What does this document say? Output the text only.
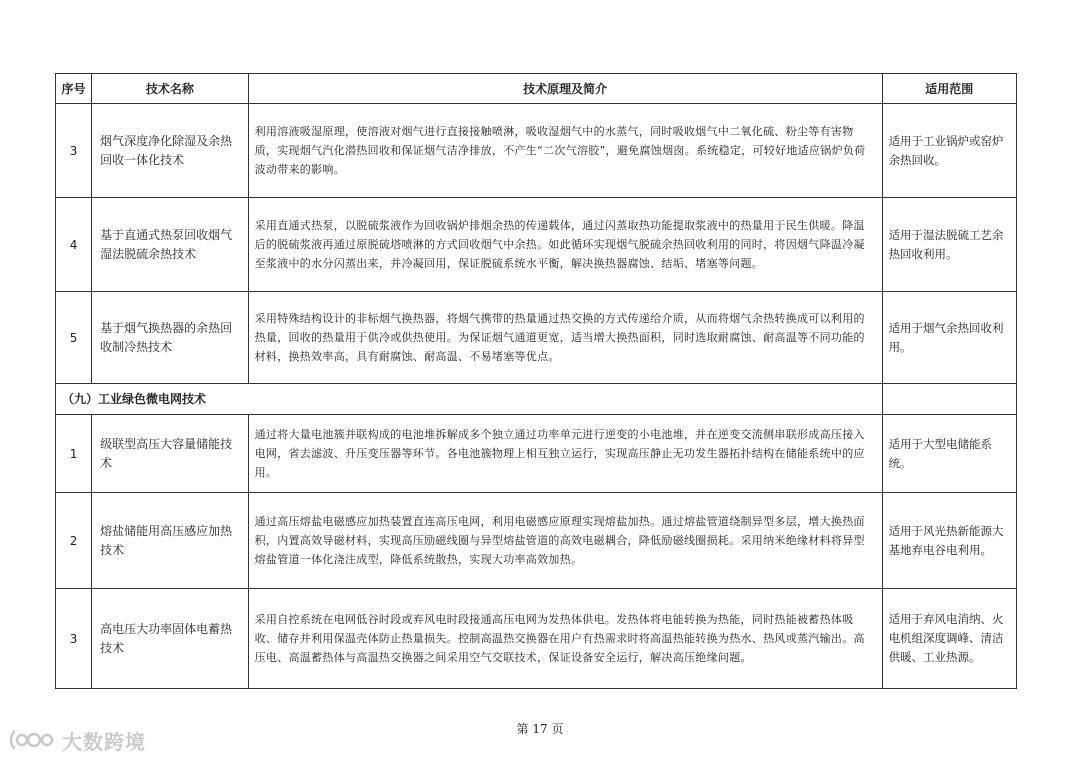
序号	技术名称	技术原理及简介	适用范围
3	烟气深度净化除湿及余热回收一体化技术	利用溶液吸湿原理，使溶液对烟气进行直接接触喷淋，吸收湿烟气中的水蒸气，同时吸收烟气中二氧化硫、粉尘等有害物质，实现烟气汽化潜热回收和保证烟气洁净排放，不产生“二次气溶胶”，避免腐蚀烟囱。系统稳定，可较好地适应锅炉负荷波动带来的影响。	适用于工业锅炉或窑炉余热回收。
4	基于直通式热泵回收烟气湿法脱硫余热技术	采用直通式热泵，以脱硫浆液作为回收锅炉排烟余热的传递载体，通过闪蒸取热功能提取浆液中的热量用于民生供暖。降温后的脱硫浆液再通过原脱硫塔喷淋的方式回收烟气中余热。如此循环实现烟气脱硫余热回收利用的同时，将因烟气降温冷凝至浆液中的水分闪蒸出来，并冷凝回用，保证脱硫系统水平衡，解决换热器腐蚀、结垢、堵塞等问题。	适用于湿法脱硫工艺余热回收利用。
5	基于烟气换热器的余热回收制冷热技术	采用特殊结构设计的非标烟气换热器，将烟气携带的热量通过热交换的方式传递给介质，从而将烟气余热转换成可以利用的热量，回收的热量用于供冷或供热使用。为保证烟气通道更宽，适当增大换热面积，同时选取耐腐蚀、耐高温等不同功能的材料，换热效率高，具有耐腐蚀、耐高温、不易堵塞等优点。	适用于烟气余热回收利用。
（九）工业绿色微电网技术			
1	级联型高压大容量储能技术	通过将大量电池簇并联构成的电池堆拆解成多个独立通过功率单元进行逆变的小电池堆，并在逆变交流侧串联形成高压接入电网，省去滤波、升压变压器等环节。各电池簇物理上相互独立运行，实现高压静止无功发生器拓扑结构在储能系统中的应用。	适用于大型电储能系统。
2	熔盐储能用高压感应加热技术	通过高压熔盐电磁感应加热装置直连高压电网，利用电磁感应原理实现熔盐加热。通过熔盐管道绕制异型多层，增大换热面积，内置高效导磁材料，实现高压励磁线圈与异型熔盐管道的高效电磁耦合，降低励磁线圈损耗。采用纳米绝缘材料将异型熔盐管道一体化浇注成型，降低系统散热，实现大功率高效加热。	适用于风光热新能源大基地弃电谷电利用。
3	高电压大功率固体电蓄热技术	采用自控系统在电网低谷时段或弃风电时段接通高压电网为发热体供电。发热体将电能转换为热能，同时热能被蓄热体吸收、储存并利用保温壳体防止热量损失。控制高温热交换器在用户有热需求时将高温热能转换为热水、热风或蒸汽输出。高压电、高温蓄热体与高温热交换器之间采用空气交联技术，保证设备安全运行，解决高压绝缘问题。	适用于弃风电消纳、火电机组深度调峰、清洁供暖、工业热源。
第 17 页
大数跨境
